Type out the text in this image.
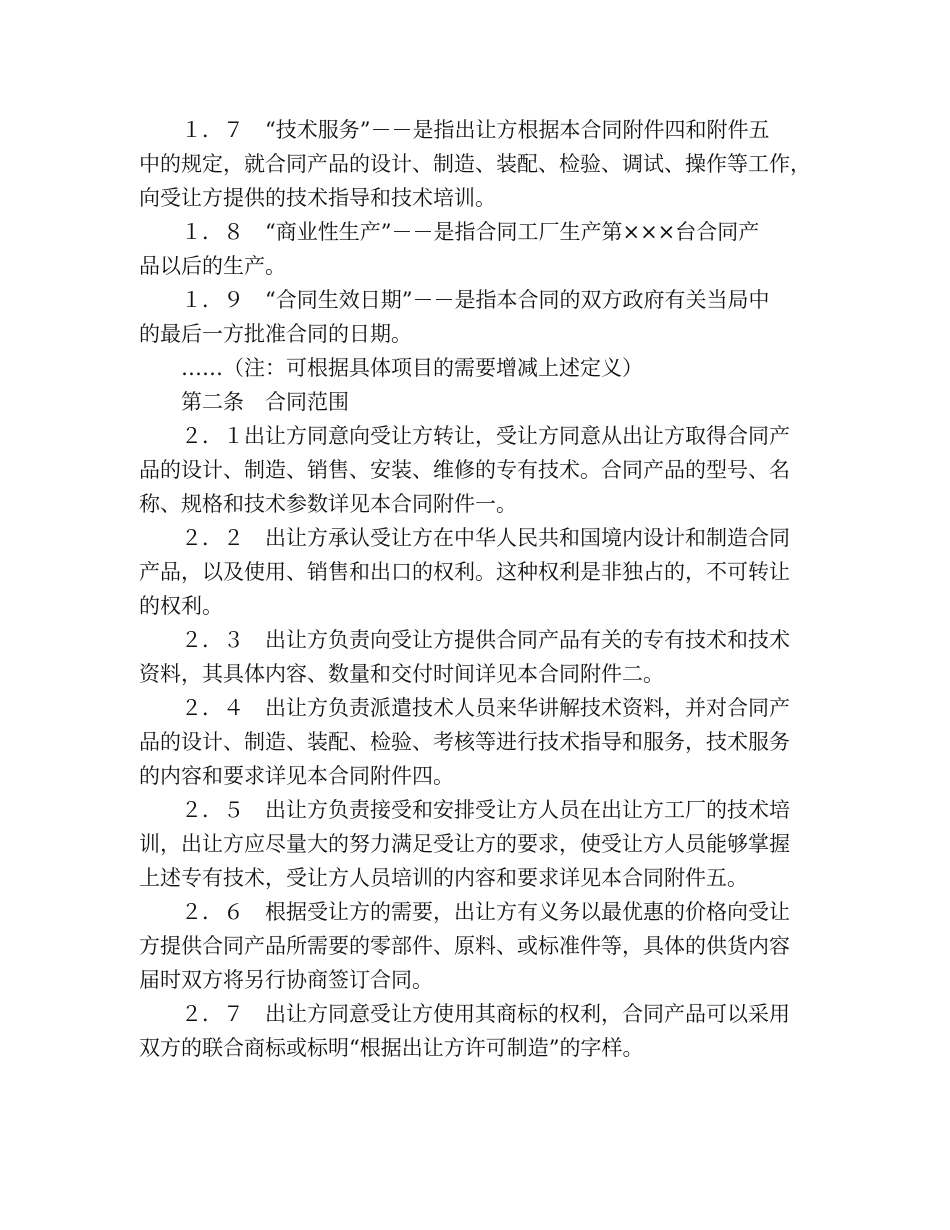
１．７　“技术服务”－－是指出让方根据本合同附件四和附件五
中的规定，就合同产品的设计、制造、装配、检验、调试、操作等工作，
向受让方提供的技术指导和技术培训。
１．８　“商业性生产”－－是指合同工厂生产第×××台合同产
品以后的生产。
１．９　“合同生效日期”－－是指本合同的双方政府有关当局中
的最后一方批准合同的日期。
……（注：可根据具体项目的需要增减上述定义）
第二条　合同范围
２．１出让方同意向受让方转让，受让方同意从出让方取得合同产
品的设计、制造、销售、安装、维修的专有技术。合同产品的型号、名
称、规格和技术参数详见本合同附件一。
２．２　出让方承认受让方在中华人民共和国境内设计和制造合同
产品，以及使用、销售和出口的权利。这种权利是非独占的，不可转让
的权利。
２．３　出让方负责向受让方提供合同产品有关的专有技术和技术
资料，其具体内容、数量和交付时间详见本合同附件二。
２．４　出让方负责派遣技术人员来华讲解技术资料，并对合同产
品的设计、制造、装配、检验、考核等进行技术指导和服务，技术服务
的内容和要求详见本合同附件四。
２．５　出让方负责接受和安排受让方人员在出让方工厂的技术培
训，出让方应尽量大的努力满足受让方的要求，使受让方人员能够掌握
上述专有技术，受让方人员培训的内容和要求详见本合同附件五。
２．６　根据受让方的需要，出让方有义务以最优惠的价格向受让
方提供合同产品所需要的零部件、原料、或标准件等，具体的供货内容
届时双方将另行协商签订合同。
２．７　出让方同意受让方使用其商标的权利，合同产品可以采用
双方的联合商标或标明“根据出让方许可制造”的字样。
